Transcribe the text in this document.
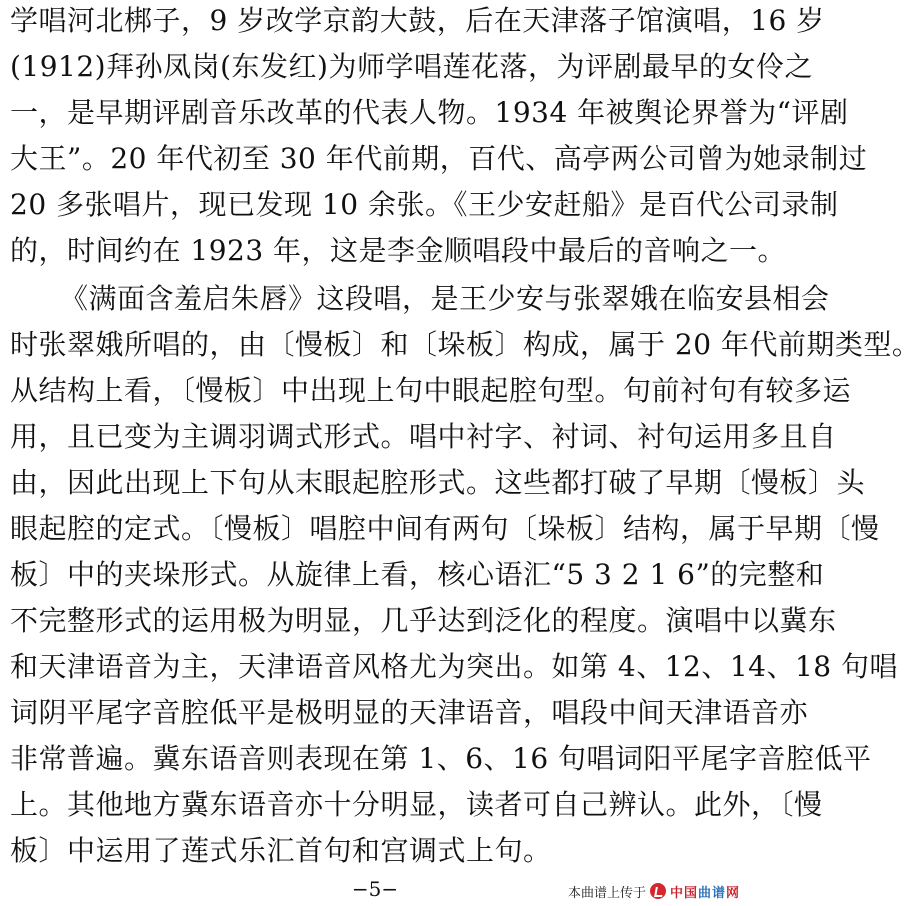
学唱河北梆子，9 岁改学京韵大鼓，后在天津落子馆演唱，16 岁
(1912)拜孙凤岗(东发红)为师学唱莲花落，为评剧最早的女伶之
一，是早期评剧音乐改革的代表人物。1934 年被舆论界誉为“评剧
大王”。20 年代初至 30 年代前期，百代、高亭两公司曾为她录制过
20 多张唱片，现已发现 10 余张。《王少安赶船》是百代公司录制
的，时间约在 1923 年，这是李金顺唱段中最后的音响之一。
《满面含羞启朱唇》这段唱，是王少安与张翠娥在临安县相会
时张翠娥所唱的，由〔慢板〕和〔垛板〕构成，属于 20 年代前期类型。
从结构上看，〔慢板〕中出现上句中眼起腔句型。句前衬句有较多运
用，且已变为主调羽调式形式。唱中衬字、衬词、衬句运用多且自
由，因此出现上下句从末眼起腔形式。这些都打破了早期〔慢板〕头
眼起腔的定式。〔慢板〕唱腔中间有两句〔垛板〕结构，属于早期〔慢
板〕中的夹垛形式。从旋律上看，核心语汇“5 3 2 1 6”的完整和
不完整形式的运用极为明显，几乎达到泛化的程度。演唱中以冀东
和天津语音为主，天津语音风格尤为突出。如第 4、12、14、18 句唱
词阴平尾字音腔低平是极明显的天津语音，唱段中间天津语音亦
非常普遍。冀东语音则表现在第 1、6、16 句唱词阳平尾字音腔低平
上。其他地方冀东语音亦十分明显，读者可自己辨认。此外，〔慢
板〕中运用了莲式乐汇首句和宫调式上句。
−5−	本曲谱上传于 中国曲谱网
